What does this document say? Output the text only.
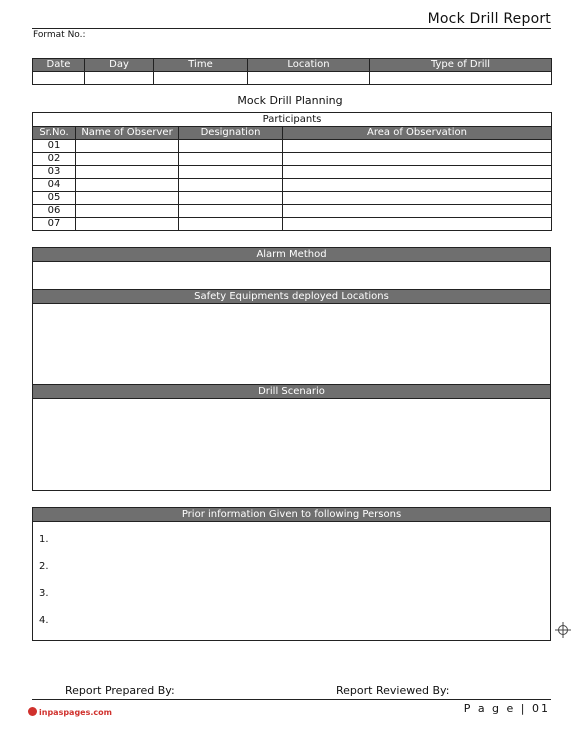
Mock Drill Report
Format No.:
Date	Day	Time	Location	Type of Drill

Mock Drill Planning
Participants			
Sr.No.	Name of Observer	Designation	Area of Observation
01			
02			
03			
04			
05			
06			
07			
Alarm Method
Safety Equipments deployed Locations
Drill Scenario
Prior information Given to following Persons
1.
2.
3.
4.
Report Prepared By:	Report Reviewed By:
inpaspages.com	P a g e | 01
